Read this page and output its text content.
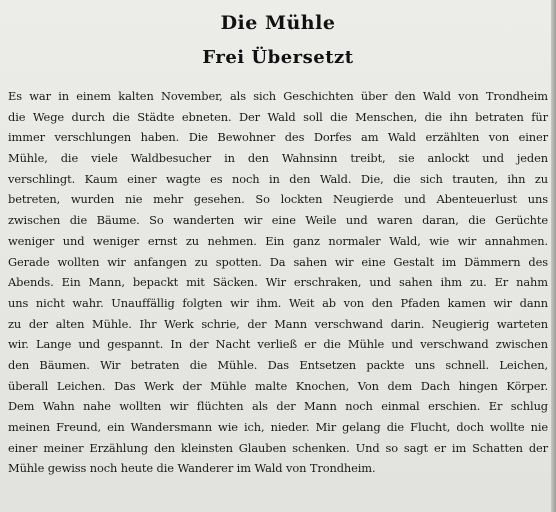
Die Mühle
Frei Übersetzt
Es war in einem kalten November, als sich Geschichten über den Wald von Trondheim
die Wege durch die Städte ebneten. Der Wald soll die Menschen, die ihn betraten für
immer verschlungen haben. Die Bewohner des Dorfes am Wald erzählten von einer
Mühle, die viele Waldbesucher in den Wahnsinn treibt, sie anlockt und jeden
verschlingt. Kaum einer wagte es noch in den Wald. Die, die sich trauten, ihn zu
betreten, wurden nie mehr gesehen. So lockten Neugierde und Abenteuerlust uns
zwischen die Bäume. So wanderten wir eine Weile und waren daran, die Gerüchte
weniger und weniger ernst zu nehmen. Ein ganz normaler Wald, wie wir annahmen.
Gerade wollten wir anfangen zu spotten. Da sahen wir eine Gestalt im Dämmern des
Abends. Ein Mann, bepackt mit Säcken. Wir erschraken, und sahen ihm zu. Er nahm
uns nicht wahr. Unauffällig folgten wir ihm. Weit ab von den Pfaden kamen wir dann
zu der alten Mühle. Ihr Werk schrie, der Mann verschwand darin. Neugierig warteten
wir. Lange und gespannt. In der Nacht verließ er die Mühle und verschwand zwischen
den Bäumen. Wir betraten die Mühle. Das Entsetzen packte uns schnell. Leichen,
überall Leichen. Das Werk der Mühle malte Knochen, Von dem Dach hingen Körper.
Dem Wahn nahe wollten wir flüchten als der Mann noch einmal erschien. Er schlug
meinen Freund, ein Wandersmann wie ich, nieder. Mir gelang die Flucht, doch wollte nie
einer meiner Erzählung den kleinsten Glauben schenken. Und so sagt er im Schatten der
Mühle gewiss noch heute die Wanderer im Wald von Trondheim.
